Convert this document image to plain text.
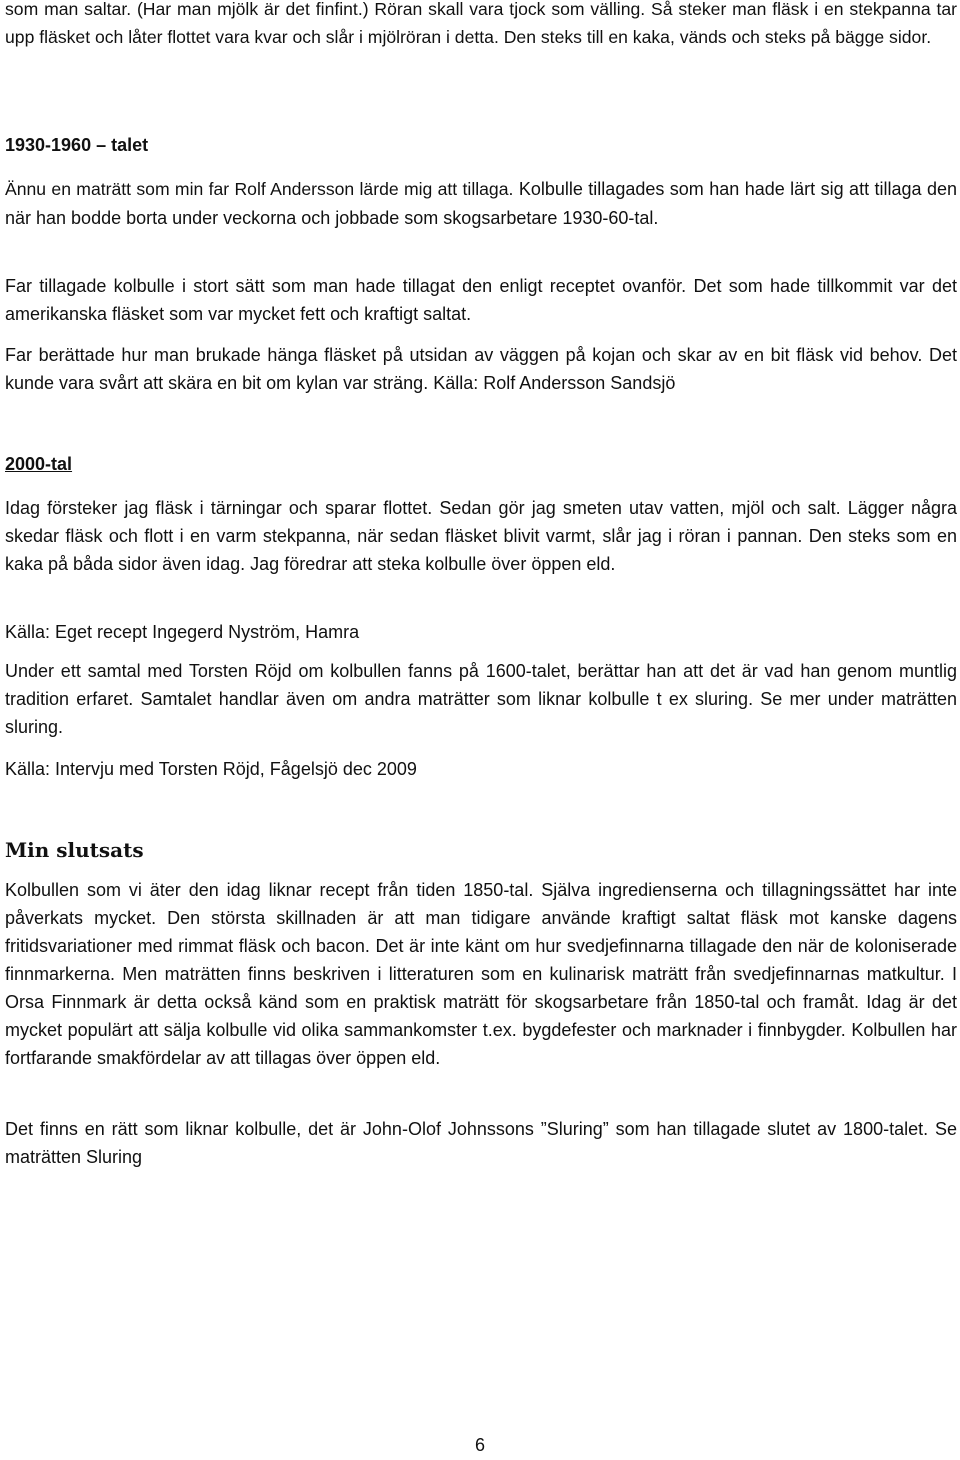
som man saltar. (Har man mjölk är det finfint.) Röran skall vara tjock som välling. Så steker man fläsk i en stekpanna tar upp fläsket och låter flottet vara kvar och slår i mjölröran i detta. Den steks till en kaka, vänds och steks på bägge sidor.

1930-1960 – talet

Ännu en maträtt som min far Rolf Andersson lärde mig att tillaga. Kolbulle tillagades som han hade lärt sig att tillaga den när han bodde borta under veckorna och jobbade som skogsarbetare 1930-60-tal.

Far tillagade kolbulle i stort sätt som man hade tillagat den enligt receptet ovanför. Det som hade tillkommit var det amerikanska fläsket som var mycket fett och kraftigt saltat.

Far berättade hur man brukade hänga fläsket på utsidan av väggen på kojan och skar av en bit fläsk vid behov. Det kunde vara svårt att skära en bit om kylan var sträng. Källa: Rolf Andersson Sandsjö

2000-tal

Idag försteker jag fläsk i tärningar och sparar flottet. Sedan gör jag smeten utav vatten, mjöl och salt. Lägger några skedar fläsk och flott i en varm stekpanna, när sedan fläsket blivit varmt, slår jag i röran i pannan. Den steks som en kaka på båda sidor även idag. Jag föredrar att steka kolbulle över öppen eld.

Källa: Eget recept Ingegerd Nyström, Hamra

Under ett samtal med Torsten Röjd om kolbullen fanns på 1600-talet, berättar han att det är vad han genom muntlig tradition erfaret. Samtalet handlar även om andra maträtter som liknar kolbulle t ex sluring. Se mer under maträtten sluring.

Källa: Intervju med Torsten Röjd, Fågelsjö dec 2009

Min slutsats

Kolbullen som vi äter den idag liknar recept från tiden 1850-tal. Själva ingredienserna och tillagningssättet har inte påverkats mycket. Den största skillnaden är att man tidigare använde kraftigt saltat fläsk mot kanske dagens fritidsvariationer med rimmat fläsk och bacon. Det är inte känt om hur svedjefinnarna tillagade den när de koloniserade finnmarkerna. Men maträtten finns beskriven i litteraturen som en kulinarisk maträtt från svedjefinnarnas matkultur. I Orsa Finnmark är detta också känd som en praktisk maträtt för skogsarbetare från 1850-tal och framåt. Idag är det mycket populärt att sälja kolbulle vid olika sammankomster t.ex. bygdefester och marknader i finnbygder. Kolbullen har fortfarande smakfördelar av att tillagas över öppen eld.

Det finns en rätt som liknar kolbulle, det är John-Olof Johnssons ”Sluring” som han tillagade slutet av 1800-talet. Se maträtten Sluring

6
